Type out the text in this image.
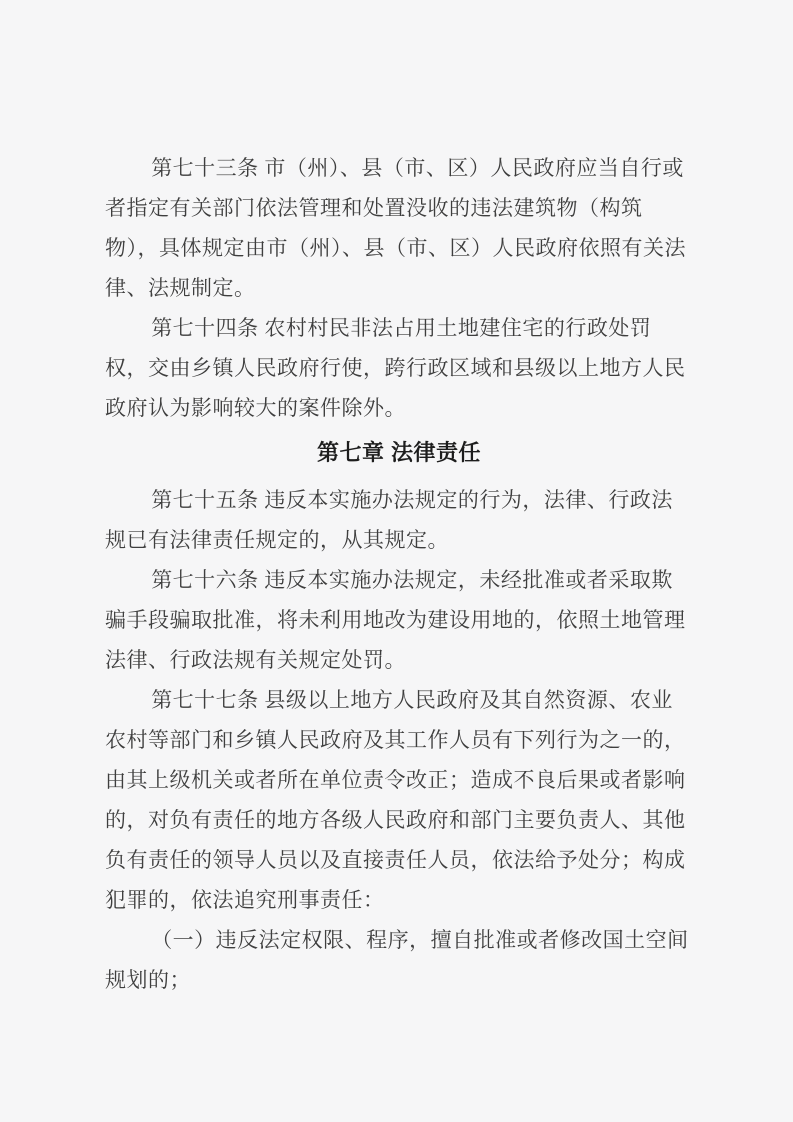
第七十三条 市（州）、县（市、区）人民政府应当自行或者指定有关部门依法管理和处置没收的违法建筑物（构筑物），具体规定由市（州）、县（市、区）人民政府依照有关法律、法规制定。

第七十四条 农村村民非法占用土地建住宅的行政处罚权，交由乡镇人民政府行使，跨行政区域和县级以上地方人民政府认为影响较大的案件除外。

第七章 法律责任

第七十五条 违反本实施办法规定的行为，法律、行政法规已有法律责任规定的，从其规定。

第七十六条 违反本实施办法规定，未经批准或者采取欺骗手段骗取批准，将未利用地改为建设用地的，依照土地管理法律、行政法规有关规定处罚。

第七十七条 县级以上地方人民政府及其自然资源、农业农村等部门和乡镇人民政府及其工作人员有下列行为之一的，由其上级机关或者所在单位责令改正；造成不良后果或者影响的，对负有责任的地方各级人民政府和部门主要负责人、其他负有责任的领导人员以及直接责任人员，依法给予处分；构成犯罪的，依法追究刑事责任：

（一）违反法定权限、程序，擅自批准或者修改国土空间规划的；
